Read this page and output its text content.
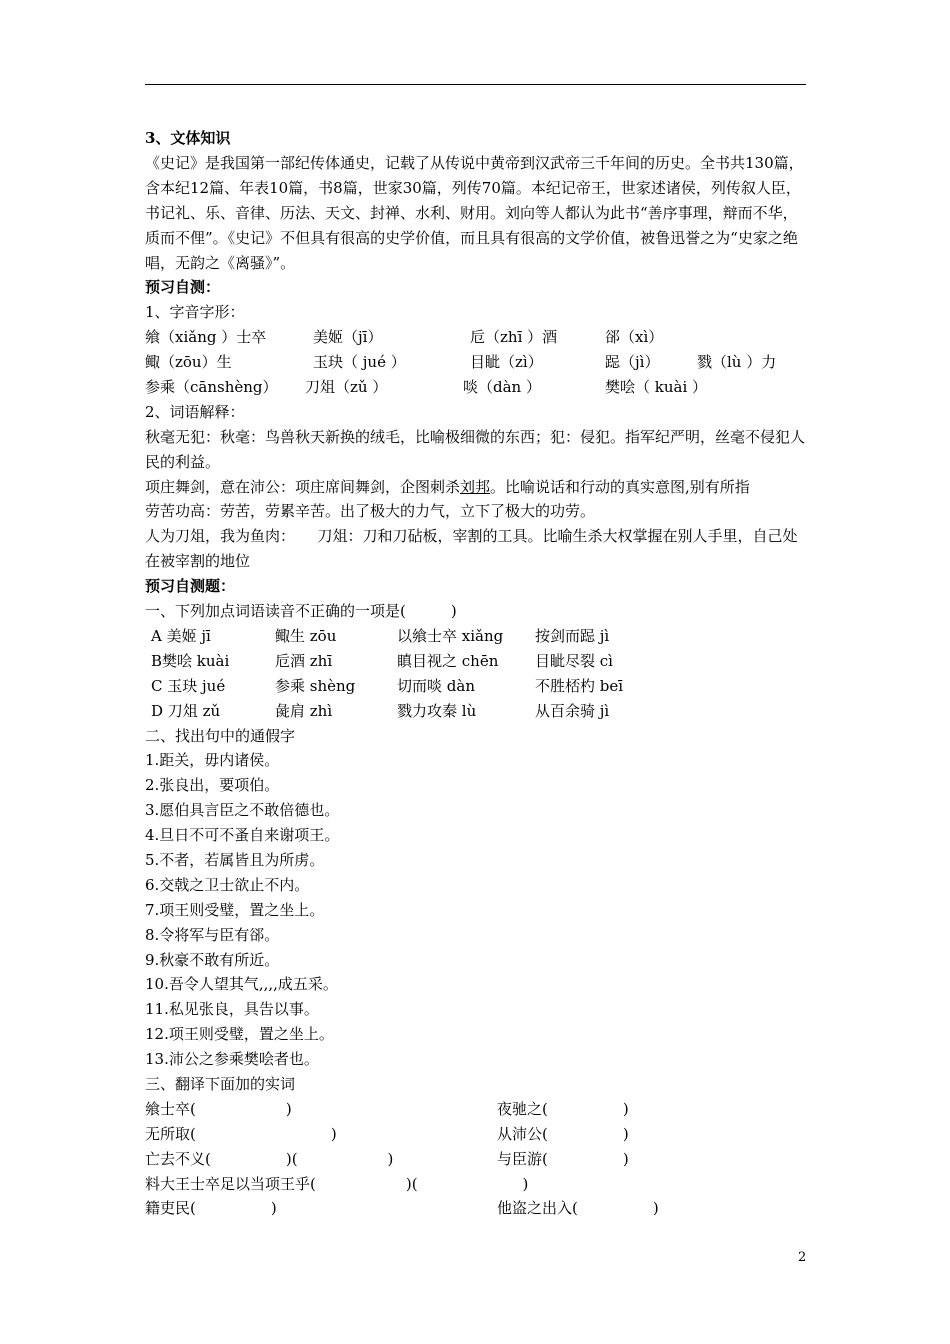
3、文体知识
《史记》是我国第一部纪传体通史，记载了从传说中黄帝到汉武帝三千年间的历史。全书共130篇，含本纪12篇、年表10篇，书8篇，世家30篇，列传70篇。本纪记帝王，世家述诸侯，列传叙人臣，书记礼、乐、音律、历法、天文、封禅、水利、财用。刘向等人都认为此书“善序事理，辩而不华，质而不俚”。《史记》不但具有很高的史学价值，而且具有很高的文学价值，被鲁迅誉之为“史家之绝唱，无韵之《离骚》”。
预习自测：
1、字音字形：
飨（xiǎng ）士卒	美姬（jī）	卮（zhī ）酒	郤（xì）
鲰（zōu）生	玉玦（ jué ）	目眦（zì）	跽（jì）	戮（lù ）力
参乘（cānshèng） 刀俎（zǔ ）	啖（dàn ）	樊哙（ kuài ）
2、词语解释：
秋毫无犯：秋毫：鸟兽秋天新换的绒毛，比喻极细微的东西；犯：侵犯。指军纪严明，丝毫不侵犯人民的利益。
项庄舞剑，意在沛公：项庄席间舞剑，企图刺杀刘邦。比喻说话和行动的真实意图,别有所指
劳苦功高：劳苦，劳累辛苦。出了极大的力气，立下了极大的功劳。
人为刀俎，我为鱼肉：　　刀俎：刀和刀砧板，宰割的工具。比喻生杀大权掌握在别人手里，自己处在被宰割的地位
预习自测题：
一、下列加点词语读音不正确的一项是(　　　)
A 美姬 jī	鲰生 zōu	以飨士卒 xiǎng 按剑而跽 jì
B樊哙 kuài	卮酒 zhī	瞋目视之 chēn 目眦尽裂 cì
C 玉玦 jué	参乘 shèng	切而啖 dàn	不胜桮杓 beī
D 刀俎 zǔ	彘肩 zhì	戮力攻秦 lù	从百余骑 jì
二、找出句中的通假字
1.距关，毋内诸侯。
2.张良出，要项伯。
3.愿伯具言臣之不敢倍德也。
4.旦日不可不蚤自来谢项王。
5.不者，若属皆且为所虏。
6.交戟之卫士欲止不内。
7.项王则受璧，置之坐上。
8.令将军与臣有郤。
9.秋豪不敢有所近。
10.吾令人望其气,,,,成五采。
11.私见张良，具告以事。
12.项王则受璧，置之坐上。
13.沛公之参乘樊哙者也。
三、翻译下面加的实词
飨士卒(　　　　　　)	夜驰之(　　　　　)
无所取(　　　　　　　　　)	从沛公(　　　　　)
亡去不义(　　　　　)(　　　　　　)	与臣游(　　　　　)
料大王士卒足以当项王乎(　　　　　　)(　　　　　　　)
籍吏民(　　　　　)	他盗之出入(　　　　　)
2
